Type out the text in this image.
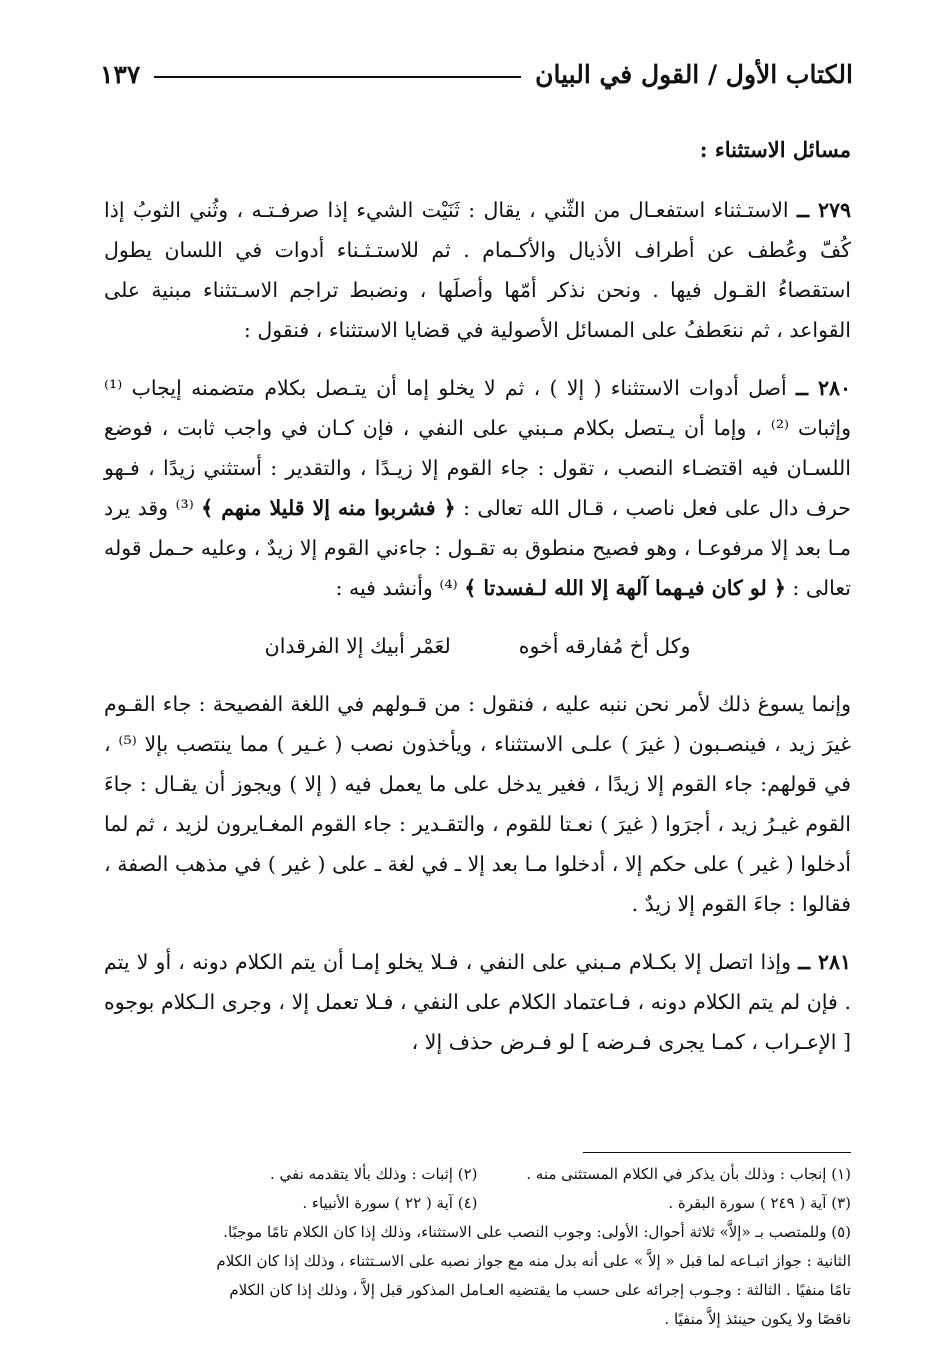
الكتاب الأول / القول في البيان
١٣٧

مسائل الاستثناء :

٢٧٩ ــ الاستـثناء استفعـال من الثّني ، يقال : ثَنَيْت الشيء إذا صرفـتـه ، وثُني الثوبُ إذا كُفّ وعُطف عن أطراف الأذيال والأكـمام . ثم للاستـثـناء أدوات في اللسان يطول استقصاءُ القـول فيها . ونحن نذكر أمّها وأصلَها ، ونضبط تراجم الاسـتثناء مبنية على القواعد ، ثم ننعَطفُ على المسائل الأصولية في قضايا الاستثناء ، فنقول :

٢٨٠ ــ أصل أدوات الاستثناء ( إلا ) ، ثم لا يخلو إما أن يتـصل بكلام متضمنه إيجاب ⁽¹⁾ وإثبات ⁽²⁾ ، وإما أن يـتصل بكلام مـبني على النفي ، فإن كـان في واجب ثابت ، فوضع اللسـان فيه اقتضـاء النصب ، تقول : جاء القوم إلا زيـدًا ، والتقدير : أستثني زيدًا ، فـهو حرف دال على فعل ناصب ، قـال الله تعالى : ﴿ فشربوا منه إلا قليلا منهم ﴾ ⁽³⁾ وقد يرد مـا بعد إلا مرفوعـا ، وهو فصيح منطوق به تقـول : جاءني القوم إلا زيدٌ ، وعليه حـمل قوله تعالى : ﴿ لو كان فيـهما آلهة إلا الله لـفسدتا ﴾ ⁽⁴⁾ وأنشد فيه :

وكل أخ مُفارقه أخوه
لعَمْر أبيك إلا الفرقدان

وإنما يسوغ ذلك لأمر نحن ننبه عليه ، فنقول : من قـولهم في اللغة الفصيحة : جاء القـوم غيرَ زيد ، فينصـبون ( غيرَ ) علـى الاستثناء ، ويأخذون نصب ( غـير ) مما ينتصب بإلا ⁽⁵⁾ ، في قولهم: جاء القوم إلا زيدًا ، فغير يدخل على ما يعمل فيه ( إلا ) ويجوز أن يقـال : جاءَ القوم غيـرُ زيد ، أجرَوا ( غيرَ ) نعـتا للقوم ، والتقـدير : جاء القوم المغـايرون لزيد ، ثم لما أدخلوا ( غير ) على حكم إلا ، أدخلوا مـا بعد إلا ـ في لغة ـ على ( غير ) في مذهب الصفة ، فقالوا : جاءَ القوم إلا زيدٌ .

٢٨١ ــ وإذا اتصل إلا بكـلام مـبني على النفي ، فـلا يخلو إمـا أن يتم الكلام دونه ، أو لا يتم . فإن لم يتم الكلام دونه ، فـاعتماد الكلام على النفي ، فـلا تعمل إلا ، وجرى الـكلام بوجوه [ الإعـراب ، كمـا يجرى فـرضه ] لو فـرض حذف إلا ،

(١) إنجاب : وذلك بأن يذكر في الكلام المستثنى منه .
(٢) إثبات : وذلك بألا يتقدمه نفي .
(٣) آية ( ٢٤٩ ) سورة البقرة .
(٤) آية ( ٢٢ ) سورة الأنبياء .
(٥) وللمتصب بـ «إلاَّ» ثلاثة أحوال: الأولى: وجوب النصب على الاستثناء، وذلك إذا كان الكلام تامًا موجبًا.
الثانية : جواز اتبـاعه لما قبل « إلاَّ » على أنه بدل منه مع جواز نصبه على الاسـتثناء ، وذلك إذا كان الكلام
تامًا منفيًا . الثالثة : وجـوب إجرائه على حسب ما يقتضيه العـامل المذكور قبل إلاَّ ، وذلك إذا كان الكلام
ناقصًا ولا يكون حينئذ إلاَّ منفيًا .
